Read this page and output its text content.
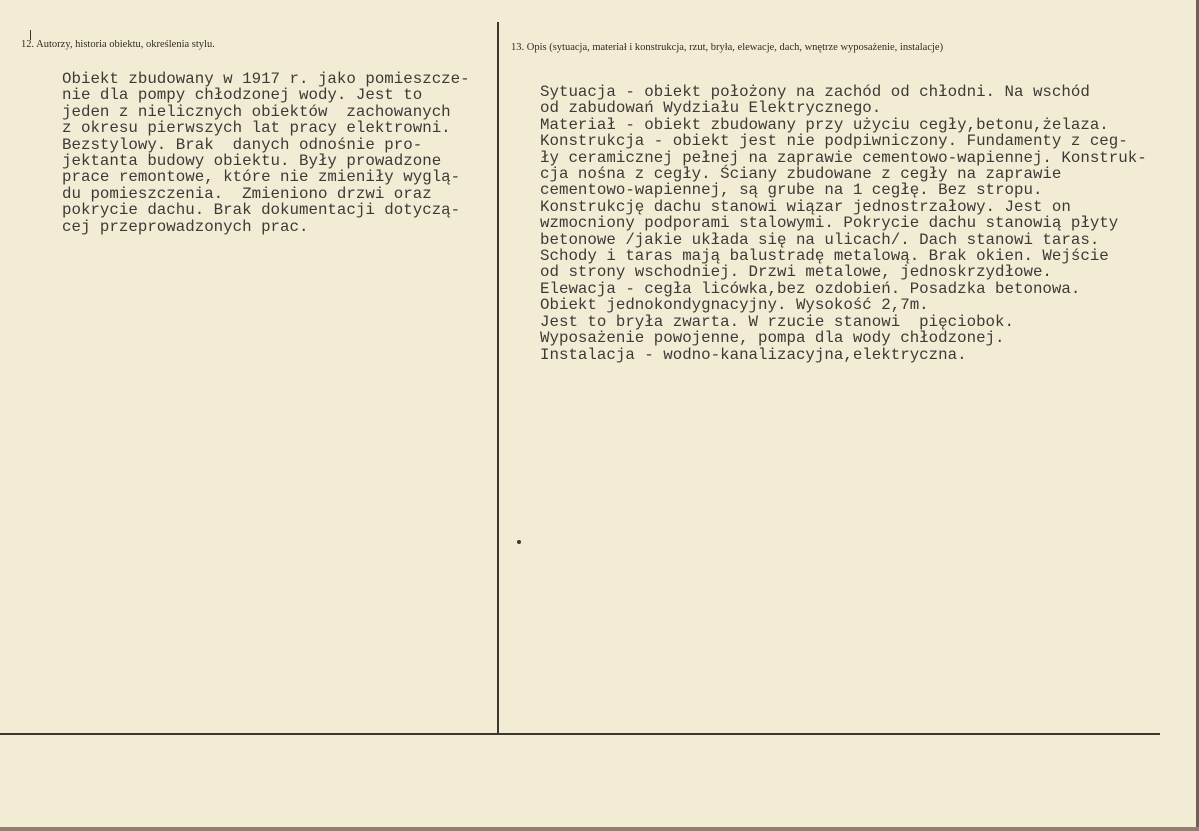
12. Autorzy, historia obiektu, określenia stylu.	13. Opis (sytuacja, materiał i konstrukcja, rzut, bryła, elewacje, dach, wnętrze wyposażenie, instalacje)
Obiekt zbudowany w 1917 r. jako pomieszcze-
nie dla pompy chłodzonej wody. Jest to
jeden z nielicznych obiektów  zachowanych
z okresu pierwszych lat pracy elektrowni.
Bezstylowy. Brak  danych odnośnie pro-
jektanta budowy obiektu. Były prowadzone
prace remontowe, które nie zmieniły wyglą-
du pomieszczenia.  Zmieniono drzwi oraz
pokrycie dachu. Brak dokumentacji dotyczą-
cej przeprowadzonych prac.
Sytuacja - obiekt położony na zachód od chłodni. Na wschód
od zabudowań Wydziału Elektrycznego.
Materiał - obiekt zbudowany przy użyciu cegły,betonu,żelaza.
Konstrukcja - obiekt jest nie podpiwniczony. Fundamenty z ceg-
ły ceramicznej pełnej na zaprawie cementowo-wapiennej. Konstruk-
cja nośna z cegły. Ściany zbudowane z cegły na zaprawie
cementowo-wapiennej, są grube na 1 cegłę. Bez stropu.
Konstrukcję dachu stanowi wiązar jednostrzałowy. Jest on
wzmocniony podporami stalowymi. Pokrycie dachu stanowią płyty
betonowe /jakie układa się na ulicach/. Dach stanowi taras.
Schody i taras mają balustradę metalową. Brak okien. Wejście
od strony wschodniej. Drzwi metalowe, jednoskrzydłowe.
Elewacja - cegła licówka,bez ozdobień. Posadzka betonowa.
Obiekt jednokondygnacyjny. Wysokość 2,7m.
Jest to bryła zwarta. W rzucie stanowi  pięciobok.
Wyposażenie powojenne, pompa dla wody chłodzonej.
Instalacja - wodno-kanalizacyjna,elektryczna.
